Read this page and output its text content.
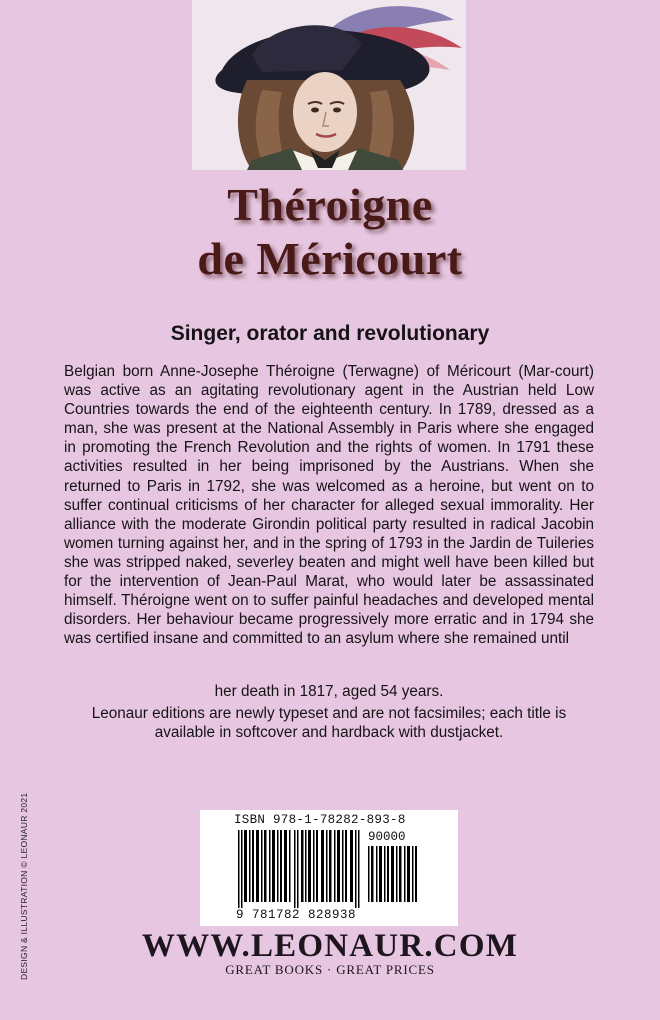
Théroigne
de Méricourt
Singer, orator and revolutionary

Belgian born Anne-Josephe Théroigne (Terwagne) of Méricourt (Mar-court) was active as an agitating revolutionary agent in the Austrian held Low Countries towards the end of the eighteenth century. In 1789, dressed as a man, she was present at the National Assembly in Paris where she engaged in promoting the French Revolution and the rights of women. In 1791 these activities resulted in her being imprisoned by the Austrians. When she returned to Paris in 1792, she was welcomed as a heroine, but went on to suffer continual criticisms of her character for alleged sexual immorality. Her alliance with the moderate Girondin political party resulted in radical Jacobin women turning against her, and in the spring of 1793 in the Jardin de Tuileries she was stripped naked, severley beaten and might well have been killed but for the intervention of Jean-Paul Marat, who would later be assassinated himself. Théroigne went on to suffer painful headaches and developed mental disorders. Her behaviour became progressively more erratic and in 1794 she was certified insane and committed to an asylum where she remained until

her death in 1817, aged 54 years.

Leonaur editions are newly typeset and are not facsimiles; each title is available in softcover and hardback with dustjacket.

DESIGN & ILLUSTRATION © LEONAUR 2021	ISBN 978-1-78282-893-8
90000
9 781782 828938
WWW.LEONAUR.COM
GREAT BOOKS · GREAT PRICES
